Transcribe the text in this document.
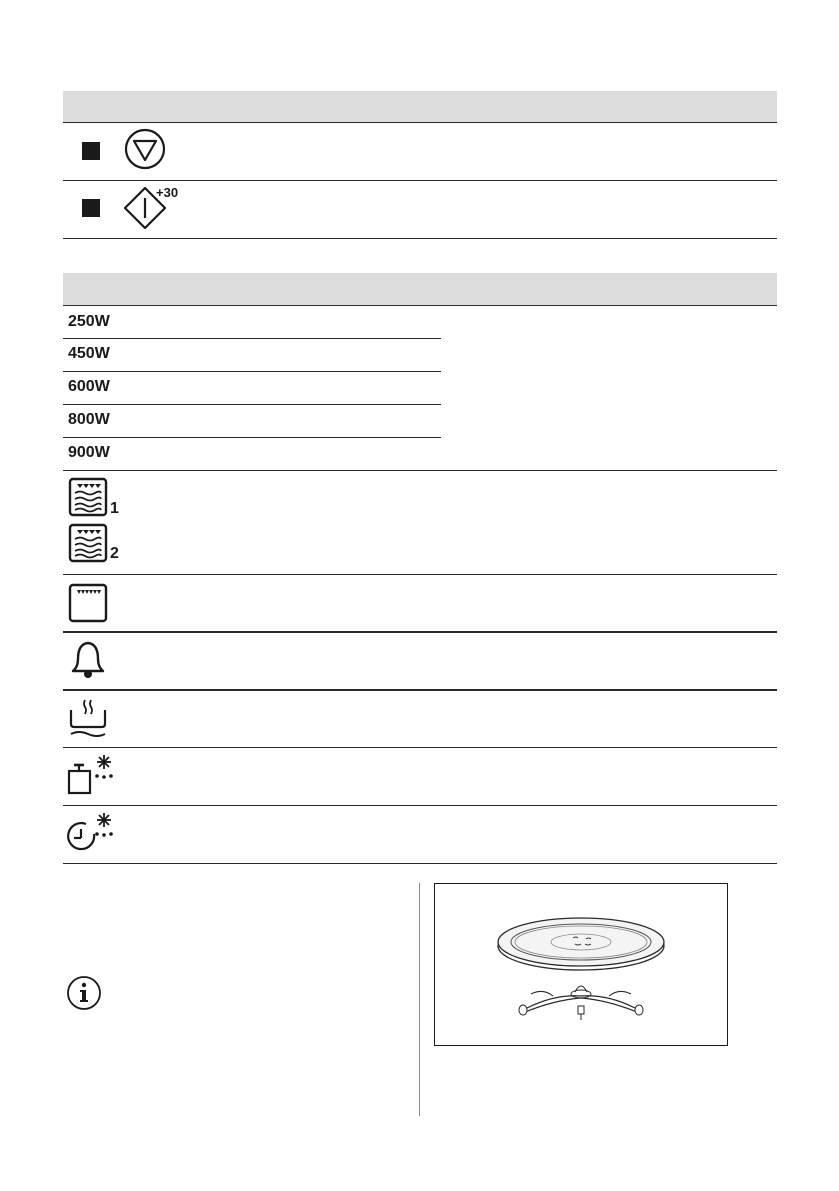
+30
250W
450W
600W
800W
900W
1
2
